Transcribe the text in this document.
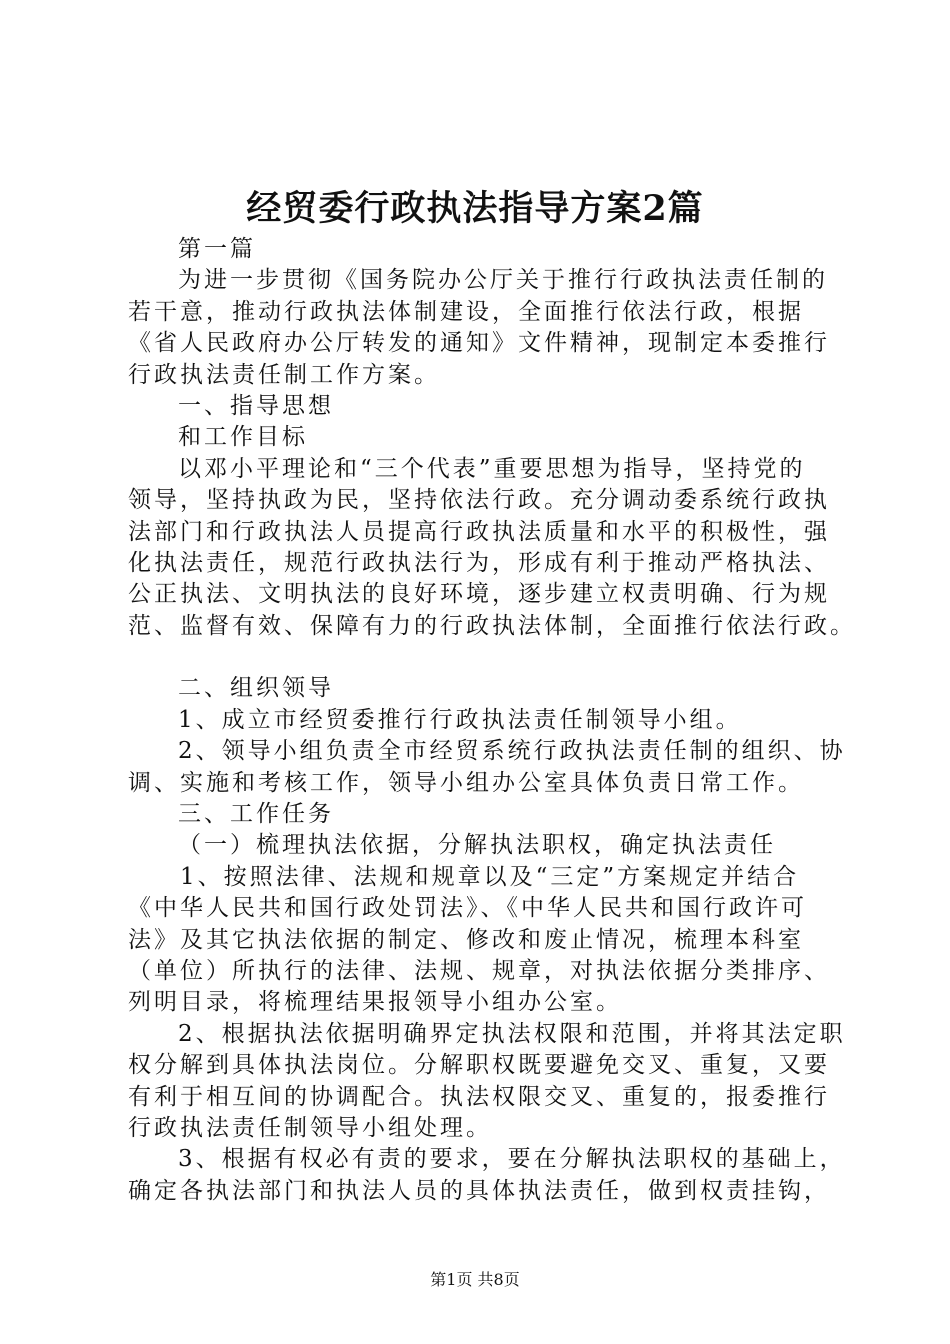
经贸委行政执法指导方案2篇
第一篇
为进一步贯彻《国务院办公厅关于推行行政执法责任制的
若干意，推动行政执法体制建设，全面推行依法行政，根据
《省人民政府办公厅转发的通知》文件精神，现制定本委推行
行政执法责任制工作方案。
一、指导思想
和工作目标
以邓小平理论和“三个代表”重要思想为指导，坚持党的
领导，坚持执政为民，坚持依法行政。充分调动委系统行政执
法部门和行政执法人员提高行政执法质量和水平的积极性，强
化执法责任，规范行政执法行为，形成有利于推动严格执法、
公正执法、文明执法的良好环境，逐步建立权责明确、行为规
范、监督有效、保障有力的行政执法体制，全面推行依法行政。
二、组织领导
1、成立市经贸委推行行政执法责任制领导小组。
2、领导小组负责全市经贸系统行政执法责任制的组织、协
调、实施和考核工作，领导小组办公室具体负责日常工作。
三、工作任务
（一）梳理执法依据，分解执法职权，确定执法责任
1、按照法律、法规和规章以及“三定”方案规定并结合
《中华人民共和国行政处罚法》、《中华人民共和国行政许可
法》及其它执法依据的制定、修改和废止情况，梳理本科室
（单位）所执行的法律、法规、规章，对执法依据分类排序、
列明目录，将梳理结果报领导小组办公室。
2、根据执法依据明确界定执法权限和范围，并将其法定职
权分解到具体执法岗位。分解职权既要避免交叉、重复，又要
有利于相互间的协调配合。执法权限交叉、重复的，报委推行
行政执法责任制领导小组处理。
3、根据有权必有责的要求，要在分解执法职权的基础上，
确定各执法部门和执法人员的具体执法责任，做到权责挂钩，
第1页 共8页
